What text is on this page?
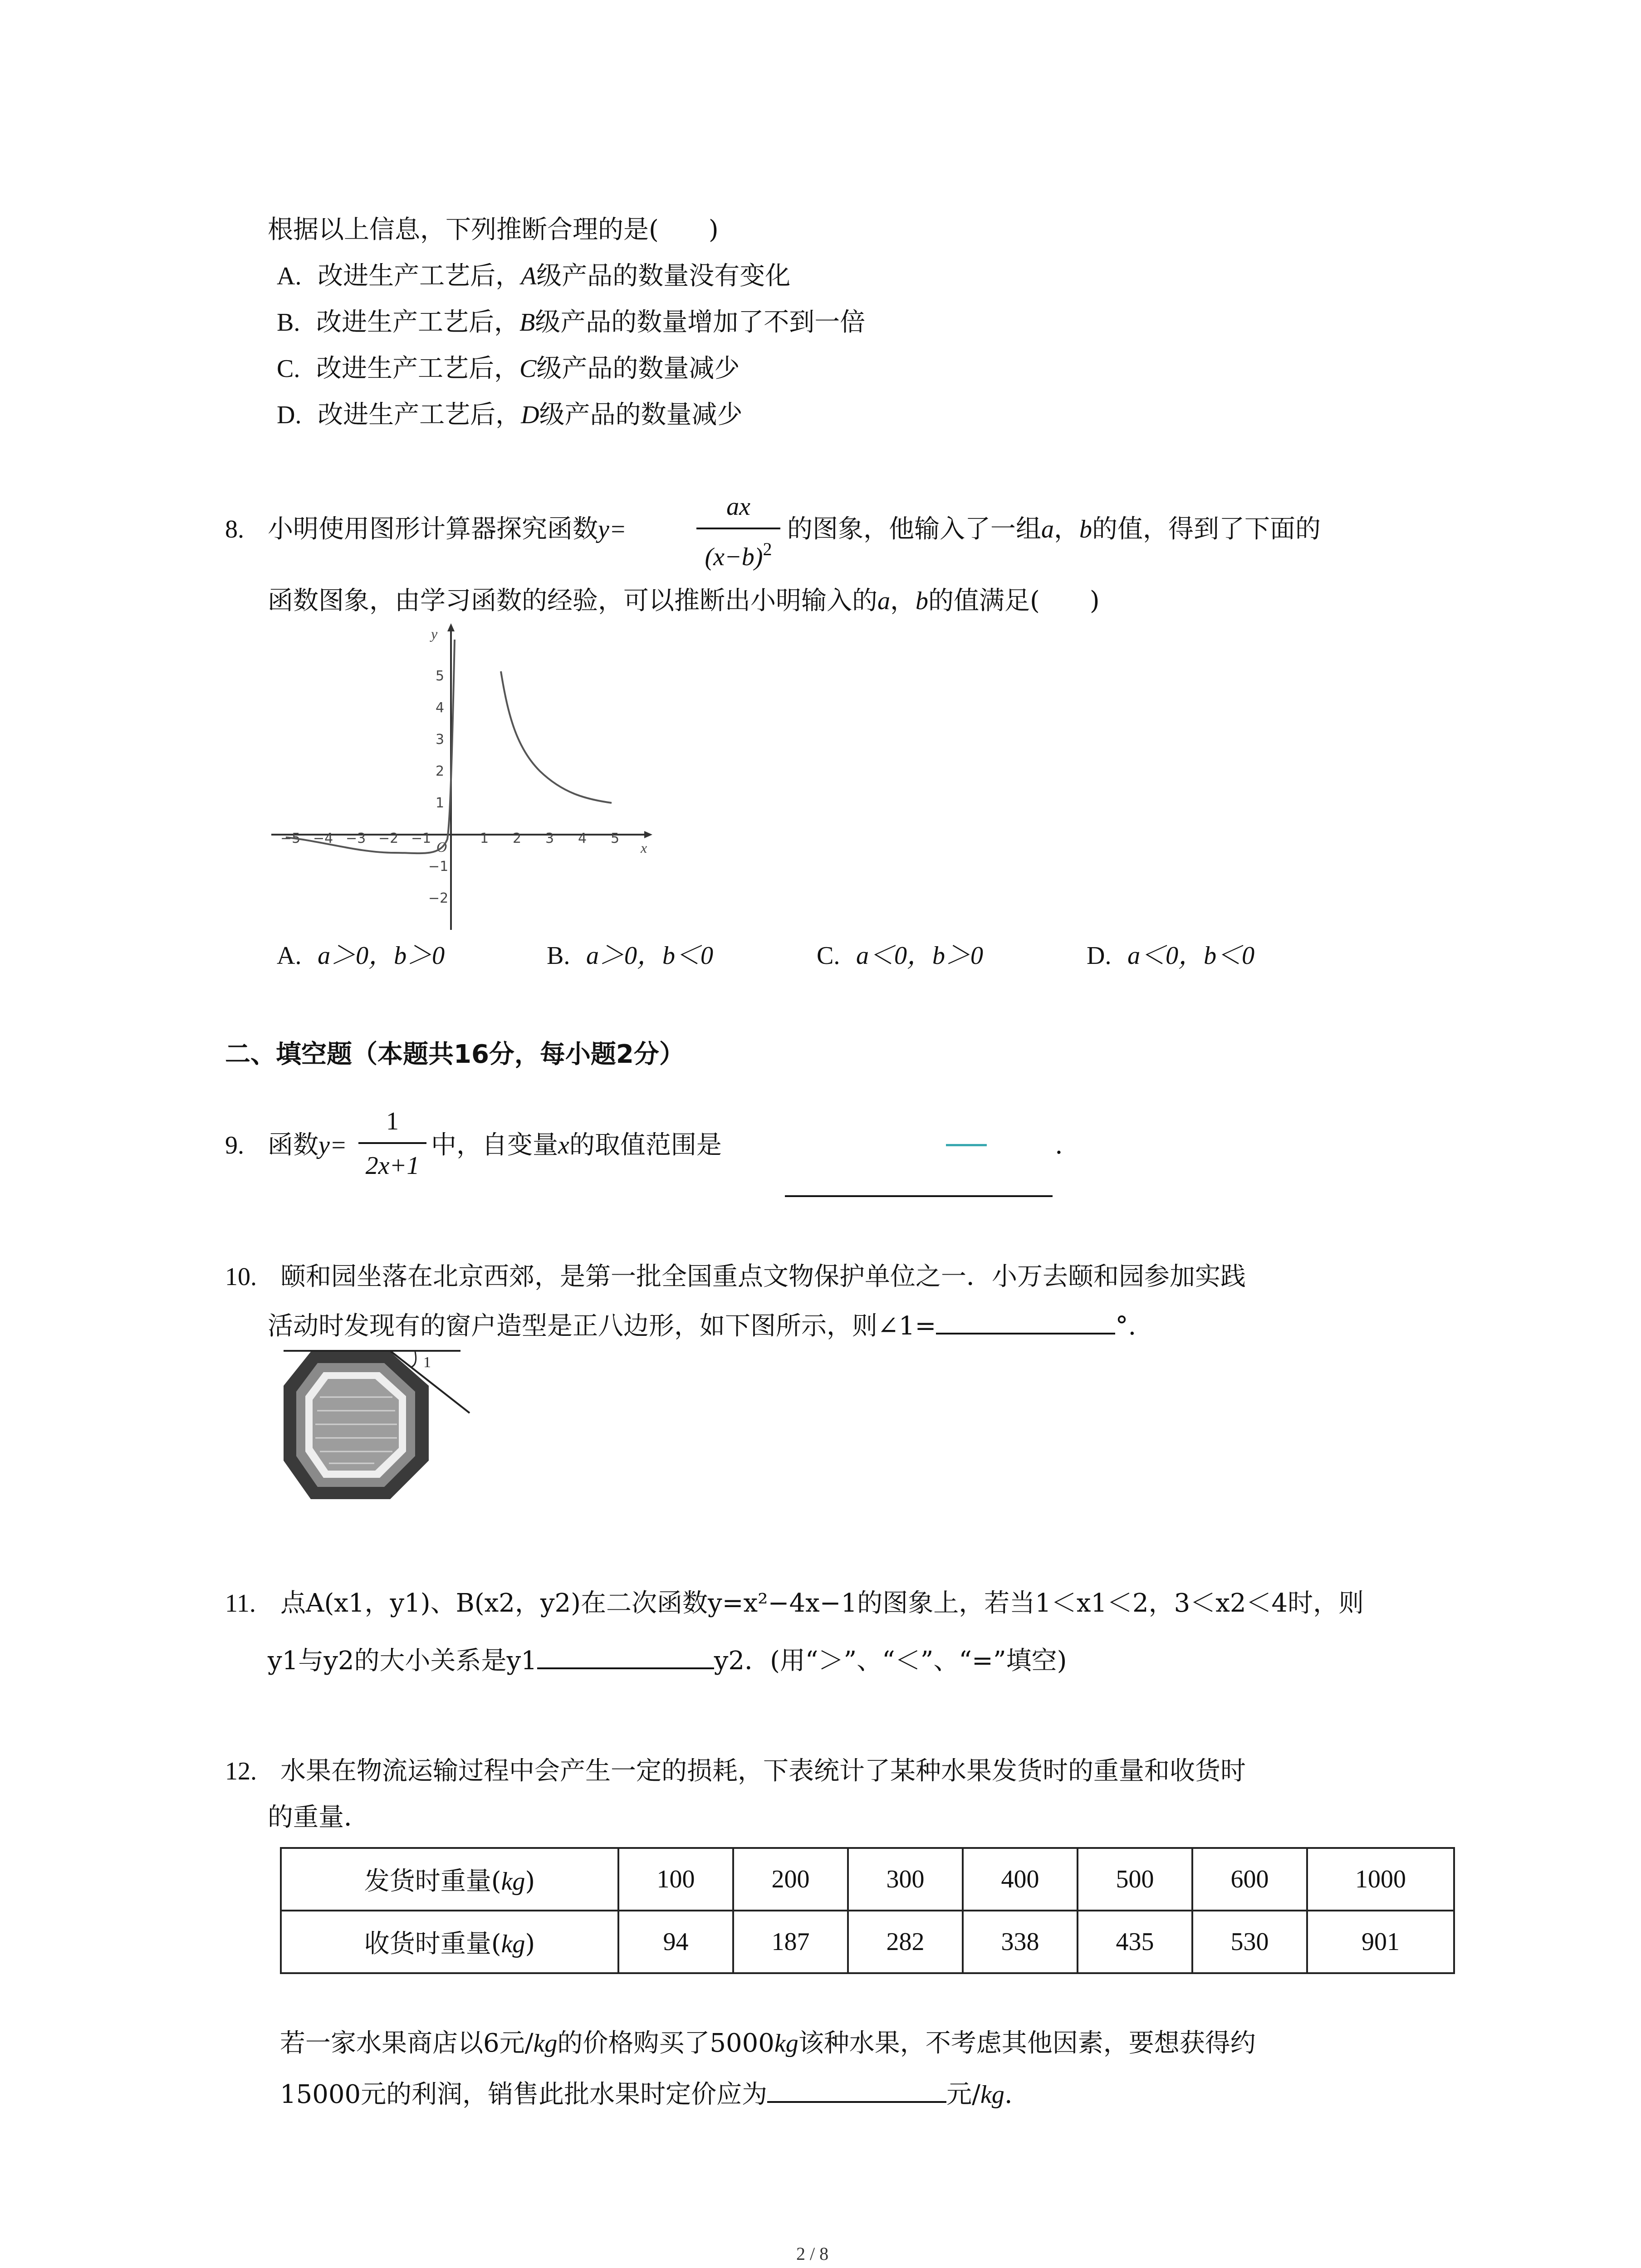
根据以上信息，下列推断合理的是( )
A. 改进生产工艺后，A级产品的数量没有变化
B. 改进生产工艺后，B级产品的数量增加了不到一倍
C. 改进生产工艺后，C级产品的数量减少
D. 改进生产工艺后，D级产品的数量减少
8. 小明使用图形计算器探究函数y=
ax
$(x-b)^2$
的图象，他输入了一组a，b的值，得到了下面的
函数图象，由学习函数的经验，可以推断出小明输入的a，b的值满足( )
x
y
O
−5 −4 −3 −2 −1	1 2 3 4 5
5
4
3
2
1
−1
−2
A. a＞0，b＞0	B. a＞0，b＜0	C. a＜0，b＞0	D. a＜0，b＜0
二、填空题（本题共16分，每小题2分）
9. 函数y=
1
2x+1
中，自变量x的取值范围是	.
10. 颐和园坐落在北京西郊，是第一批全国重点文物保护单位之一．小万去颐和园参加实践
活动时发现有的窗户造型是正八边形，如下图所示，则∠1=	°.
1
11. 点A(x1，y1)、B(x2，y2)在二次函数y=x²−4x−1的图象上，若当1＜x1＜2，3＜x2＜4时，则
y1与y2的大小关系是y1	y2．(用“＞”、“＜”、“=”填空)
12. 水果在物流运输过程中会产生一定的损耗，下表统计了某种水果发货时的重量和收货时
的重量．
发货时重量(kg)	100	200	300	400	500	600	1000
收货时重量(kg)	94	187	282	338	435	530	901
若一家水果商店以6元/kg的价格购买了5000kg该种水果，不考虑其他因素，要想获得约
15000元的利润，销售此批水果时定价应为	元/kg.
2 / 8
